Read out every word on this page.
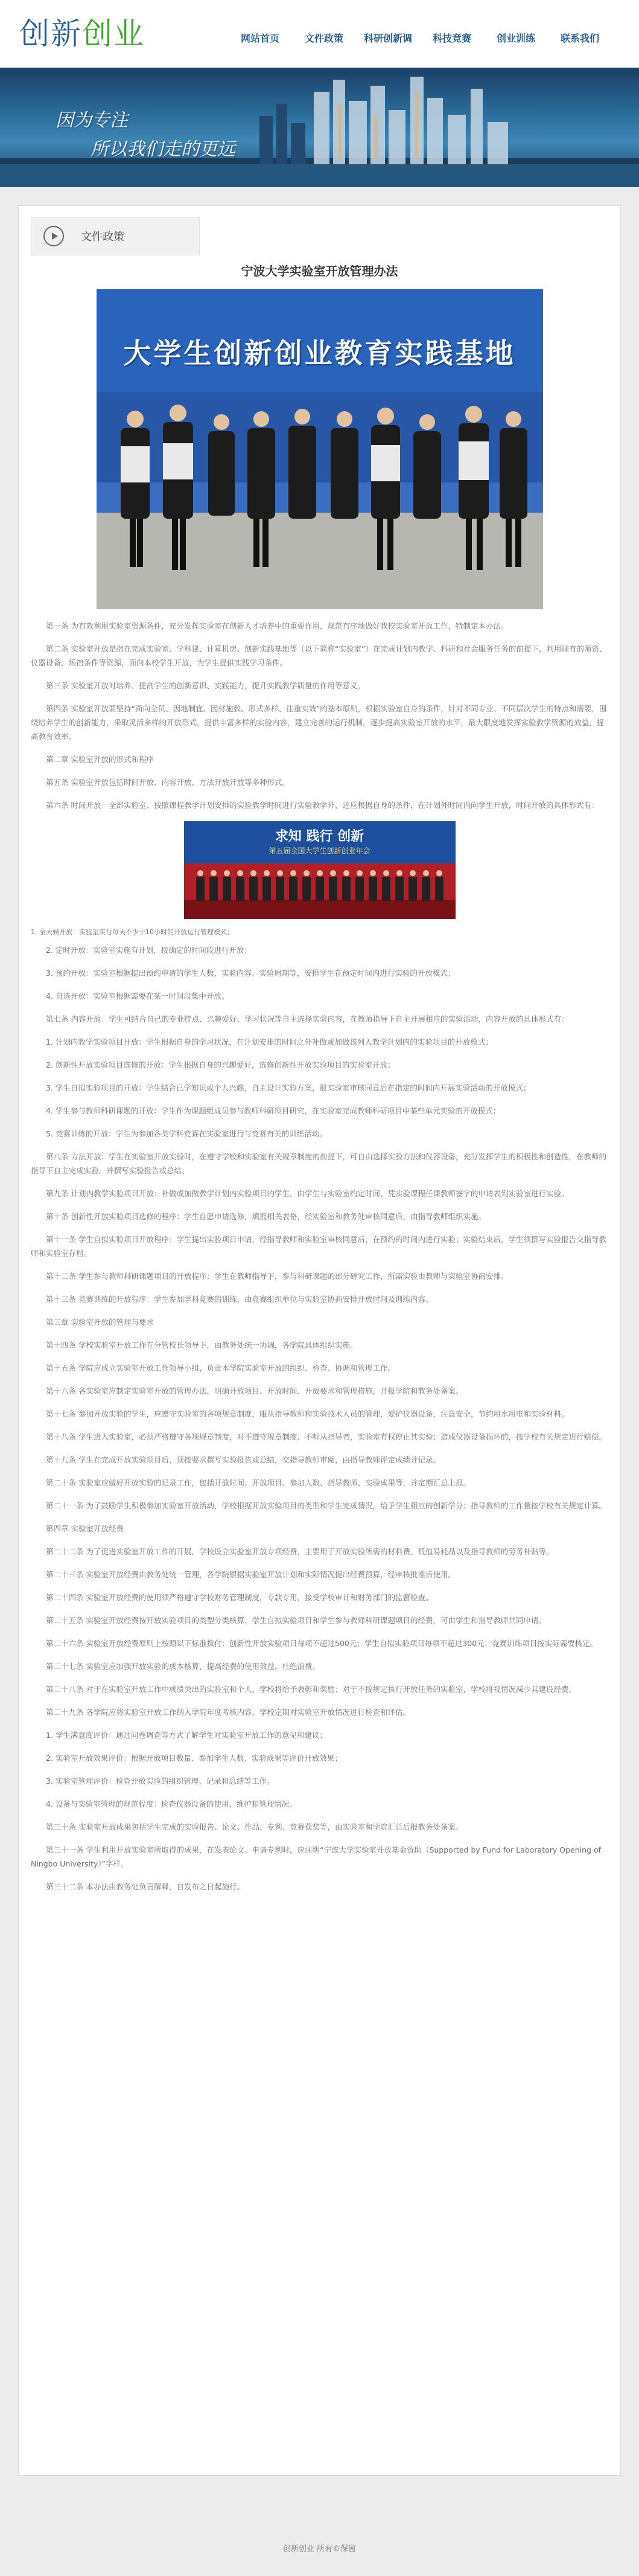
创新创业	网站首页	文件政策	科研创新调	科技竞赛	创业训练	联系我们
因为专注
所以我们走的更远
文件政策
宁波大学实验室开放管理办法
大学生创新创业教育实践基地

第一条 为有效利用实验室资源条件，充分发挥实验室在创新人才培养中的重要作用，规范有序地做好我校实验室开放工作，特制定本办法。

第二条 实验室开放是指在完成实验室、学科建、计算机房、创新实践基地等（以下简称“实验室”）在完成计划内教学、科研和社会服务任务的前提下，利用现有的师资、仪器设备、场馆条件等资源，面向本校学生开放，为学生提供实践学习条件。

第三条 实验室开放对培养、提高学生的创新意识、实践能力，提升实践教学质量的作用等意义。

第四条 实验室开放要坚持“面向全员、因地制宜、因材施教、形式多样、注重实效”的基本原则，根据实验室自身的条件，针对不同专业、不同层次学生的特点和需要，围绕培养学生的创新能力，采取灵活多样的开放形式，提供丰富多样的实验内容，建立完善的运行机制，逐步提高实验室开放的水平，最大限度地发挥实验教学资源的效益，提高教育效率。

第二章 实验室开放的形式和程序

第五条 实验室开放包括时间开放、内容开放、方法开放开放等多种形式。

第六条 时间开放：全部实验室、按照课程教学计划安排的实验教学时间进行实验教学外，还应根据自身的条件，在计划外时间内向学生开放，时间开放的具体形式有：

求知 践行 创新
第五届全国大学生创新创业年会

1. 全天候开放：实验室实行每天不少于10小时的开放运行管理模式；

2. 定时开放：实验室实施有计划，按确定的时间段进行开放；

3. 预约开放：实验室根据提出预约申请的学生人数、实验内容、实验周期等，安排学生在预定时间内进行实验的开放模式；

4. 自选开放：实验室根据需要在某一时间段集中开放。

第七条 内容开放：学生可结合自己的专业特点、兴趣爱好、学习状况等自主选择实验内容，在教师指导下自主开展相应的实验活动，内容开放的具体形式有：

1. 计划内教学实验项目开放：学生根据自身的学习状况，在计划安排的时间之外补做或加做该列入教学计划内的实验项目的开放模式；

2. 创新性开放实验项目选修的开放：学生根据自身的兴趣爱好，选修创新性开放实验项目的实验室开放；

3. 学生自拟实验项目的开放：学生结合已学知识或个人兴趣，自主设计实验方案，报实验室审核同意后在指定的时间内开展实验活动的开放模式；

4. 学生参与教师科研课题的开放：学生作为课题组成员参与教师科研项目研究，在实验室完成教师科研项目中某些单元实验的开放模式；

5. 竞赛训练的开放：学生为参加各类学科竞赛在实验室进行与竞赛有关的训练活动。

第八条 方法开放：学生在实验室开放实验时，在遵守学校和实验室有关规章制度的前提下，可自由选择实验方法和仪器设备，充分发挥学生的积极性和创造性，在教师的指导下自主完成实验，并撰写实验报告或总结。

第九条 计划内教学实验项目开放：补做或加做教学计划内实验项目的学生，由学生与实验室约定时间，凭实验课程任课教师签字的申请表到实验室进行实验。

第十条 创新性开放实验项目选修的程序：学生自愿申请选修，填报相关表格，经实验室和教务处审核同意后，由指导教师组织实施。

第十一条 学生自拟实验项目开放程序：学生提出实验项目申请，经指导教师和实验室审核同意后，在预约的时间内进行实验；实验结束后，学生须撰写实验报告交指导教师和实验室存档。

第十二条 学生参与教师科研课题项目的开放程序：学生在教师指导下，参与科研课题的部分研究工作，所需实验由教师与实验室协商安排。

第十三条 竞赛训练的开放程序：学生参加学科竞赛的训练，由竞赛组织单位与实验室协商安排开放时间及训练内容。

第三章 实验室开放的管理与要求

第十四条 学校实验室开放工作在分管校长领导下，由教务处统一协调，各学院具体组织实施。

第十五条 学院应成立实验室开放工作领导小组，负责本学院实验室开放的组织、检查、协调和管理工作。

第十六条 各实验室应制定实验室开放的管理办法，明确开放项目、开放时间、开放要求和管理措施，并报学院和教务处备案。

第十七条 参加开放实验的学生，应遵守实验室的各项规章制度，服从指导教师和实验技术人员的管理，爱护仪器设备，注意安全，节约用水用电和实验材料。

第十八条 学生进入实验室，必须严格遵守各项规章制度，对不遵守规章制度、不听从指导者，实验室有权停止其实验；造成仪器设备损坏的，按学校有关规定进行赔偿。

第十九条 学生在完成开放实验项目后，须按要求撰写实验报告或总结，交指导教师审阅，由指导教师评定成绩并记录。

第二十条 实验室应做好开放实验的记录工作，包括开放时间、开放项目、参加人数、指导教师、实验成果等，并定期汇总上报。

第二十一条 为了鼓励学生积极参加实验室开放活动，学校根据开放实验项目的类型和学生完成情况，给予学生相应的创新学分；指导教师的工作量按学校有关规定计算。

第四章 实验室开放经费

第二十二条 为了促进实验室开放工作的开展，学校设立实验室开放专项经费，主要用于开放实验所需的材料费、低值易耗品以及指导教师的劳务补贴等。

第二十三条 实验室开放经费由教务处统一管理，各学院根据实验室开放计划和实际情况提出经费预算，经审核批准后使用。

第二十四条 实验室开放经费的使用须严格遵守学校财务管理制度，专款专用，接受学校审计和财务部门的监督检查。

第二十五条 实验室开放经费按开放实验项目的类型分类核算，学生自拟实验项目和学生参与教师科研课题项目的经费，可由学生和指导教师共同申请。

第二十六条 实验室开放经费原则上按照以下标准拨付：创新性开放实验项目每项不超过500元；学生自拟实验项目每项不超过300元；竞赛训练项目按实际需要核定。

第二十七条 实验室应加强开放实验的成本核算，提高经费的使用效益，杜绝浪费。

第二十八条 对于在实验室开放工作中成绩突出的实验室和个人，学校将给予表彰和奖励；对于不按规定执行开放任务的实验室，学校将视情况减少其建设经费。

第二十九条 各学院应将实验室开放工作纳入学院年度考核内容，学校定期对实验室开放情况进行检查和评估。

1. 学生满意度评价：通过问卷调查等方式了解学生对实验室开放工作的意见和建议；

2. 实验室开放效果评价：根据开放项目数量、参加学生人数、实验成果等评价开放效果；

3. 实验室管理评价：检查开放实验的组织管理、记录和总结等工作。

4. 设备与实验室管理的规范程度：检查仪器设备的使用、维护和管理情况。

第三十条 实验室开放成果包括学生完成的实验报告、论文、作品、专利、竞赛获奖等，由实验室和学院汇总后报教务处备案。

第三十一条 学生利用开放实验室所取得的成果，在发表论文、申请专利时，应注明“宁波大学实验室开放基金资助（Supported by Fund for Laboratory Opening of Ningbo University）”字样。

第三十二条 本办法由教务处负责解释，自发布之日起施行。

创新创业 所有©保留
